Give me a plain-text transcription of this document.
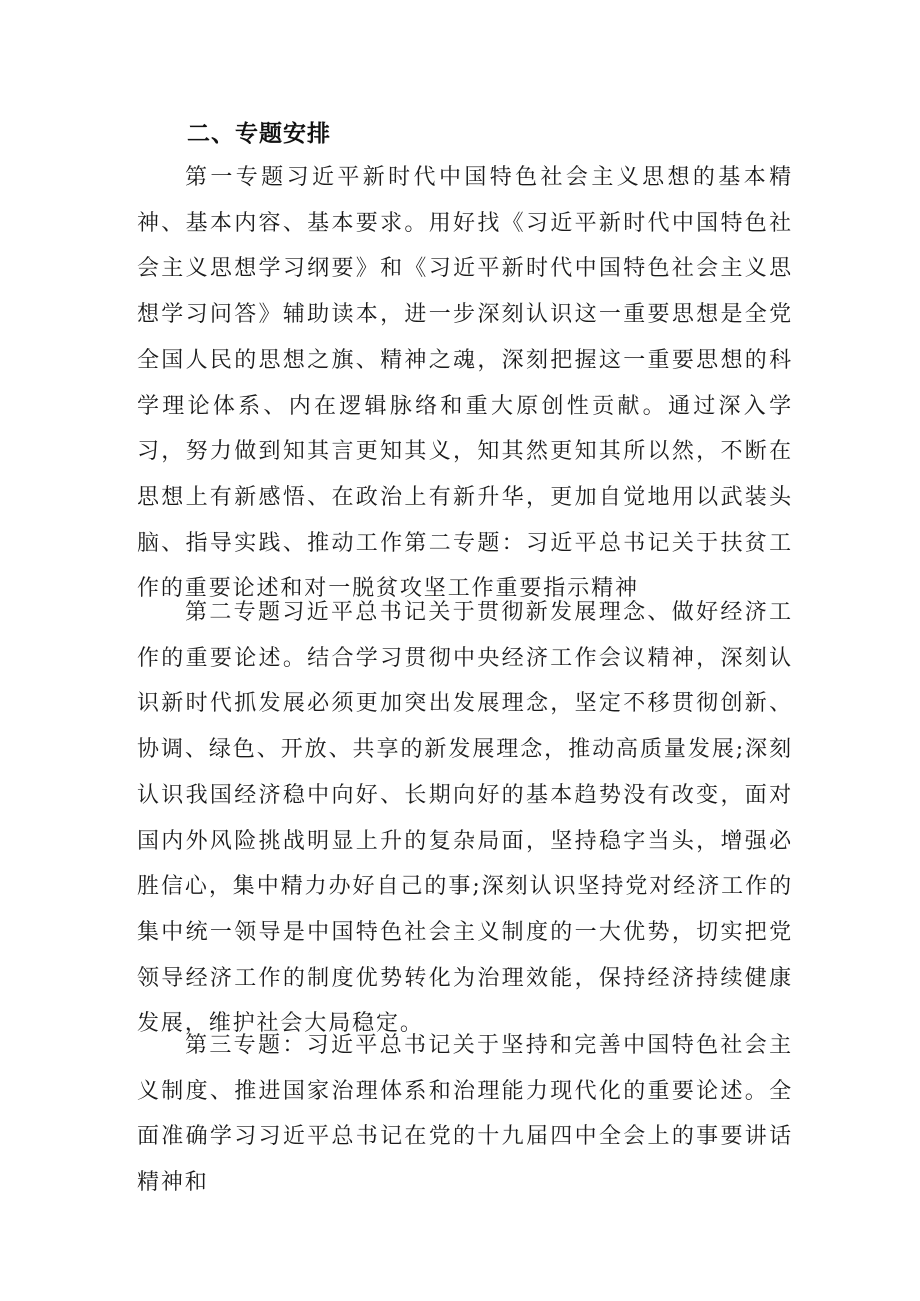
二、专题安排

第一专题习近平新时代中国特色社会主义思想的基本精神、基本内容、基本要求。用好找《习近平新时代中国特色社会主义思想学习纲要》和《习近平新时代中国特色社会主义思想学习问答》辅助读本，进一步深刻认识这一重要思想是全党全国人民的思想之旗、精神之魂，深刻把握这一重要思想的科学理论体系、内在逻辑脉络和重大原创性贡献。通过深入学习，努力做到知其言更知其义，知其然更知其所以然，不断在思想上有新感悟、在政治上有新升华，更加自觉地用以武装头脑、指导实践、推动工作第二专题：习近平总书记关于扶贫工作的重要论述和对一脱贫攻坚工作重要指示精神

第二专题习近平总书记关于贯彻新发展理念、做好经济工作的重要论述。结合学习贯彻中央经济工作会议精神，深刻认识新时代抓发展必须更加突出发展理念，坚定不移贯彻创新、协调、绿色、开放、共享的新发展理念，推动高质量发展;深刻认识我国经济稳中向好、长期向好的基本趋势没有改变，面对国内外风险挑战明显上升的复杂局面，坚持稳字当头，增强必胜信心，集中精力办好自己的事;深刻认识坚持党对经济工作的集中统一领导是中国特色社会主义制度的一大优势，切实把党领导经济工作的制度优势转化为治理效能，保持经济持续健康发展，维护社会大局稳定。

第三专题：习近平总书记关于坚持和完善中国特色社会主义制度、推进国家治理体系和治理能力现代化的重要论述。全面准确学习习近平总书记在党的十九届四中全会上的事要讲话精神和
